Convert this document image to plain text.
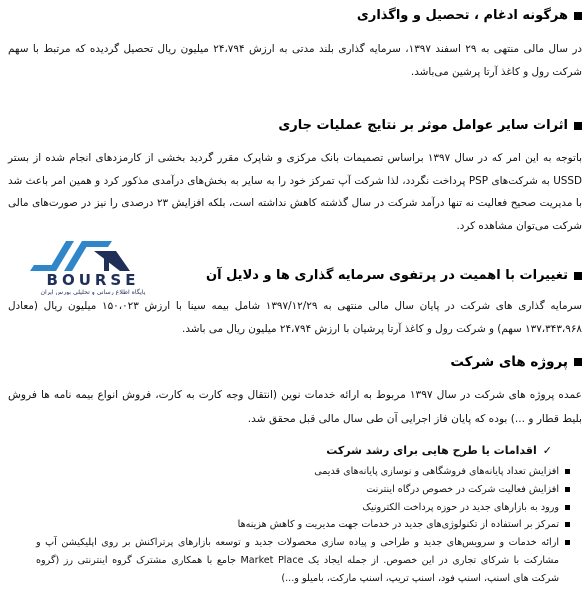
هرگونه ادغام ، تحصیل و واگذاری

در سال مالی منتهی به ۲۹ اسفند ۱۳۹۷، سرمایه گذاری بلند مدتی به ارزش ۲۴،۷۹۴ میلیون ریال تحصیل گردیده که مرتبط با سهم شرکت رول و کاغذ آرتا پرشین می‌باشد.

اثرات سایر عوامل موثر بر نتایج عملیات جاری

باتوجه به این امر که در سال ۱۳۹۷ براساس تصمیمات بانک مرکزی و شاپرک مقرر گردید بخشی از کارمزدهای انجام شده از بستر USSD به شرکت‌های PSP پرداخت نگردد، لذا شرکت آپ تمرکز خود را به سایر به بخش‌های درآمدی مذکور کرد و همین امر باعث شد با مدیریت صحیح فعالیت نه تنها درآمد شرکت در سال گذشته کاهش نداشته است، بلکه افزایش ۲۳ درصدی را نیز در صورت‌های مالی شرکت می‌توان مشاهده کرد.

BOURSE
پایگاه اطلاع رسانی و تحلیلی بورس ایران
تغییرات با اهمیت در پرتفوی سرمایه گذاری ها و دلایل آن

سرمایه گذاری های شرکت در پایان سال مالی منتهی به ۱۳۹۷/۱۲/۲۹ شامل بیمه سینا با ارزش ۱۵۰،۰۲۳ میلیون ریال (معادل ۱۳۷،۳۴۳،۹۶۸ سهم) و شرکت رول و کاغذ آرتا پرشیان با ارزش ۲۴،۷۹۴ میلیون ریال می باشد.

پروژه های شرکت

عمده پروژه های شرکت در سال ۱۳۹۷ مربوط به ارائه خدمات نوین (انتقال وجه کارت به کارت، فروش انواع بیمه نامه ها فروش بلیط قطار و ...) بوده که پایان فاز اجرایی آن طی سال مالی قبل محقق شد.

✓
اقدامات یا طرح هایی برای رشد شرکت
افزایش تعداد پایانه‌های فروشگاهی و نوسازی پایانه‌های قدیمی
افزایش فعالیت شرکت در خصوص درگاه اینترنت
ورود به بازارهای جدید در حوزه پرداخت الکترونیک
تمرکز بر استفاده از تکنولوژی‌های جدید در خدمات جهت مدیریت و کاهش هزینه‌ها
ارائه خدمات و سرویس‌های جدید و طراحی و پیاده سازی محصولات جدید و توسعه بازارهای پرتراکنش بر روی اپلیکیشن آپ و مشارکت با شرکای تجاری در این خصوص. از جمله ایجاد یک Market Place جامع با همکاری مشترک گروه اینترنتی رز (گروه شرکت های اسنپ، اسنپ فود، اسنپ تریپ، اسنپ مارکت، بامیلو و...)
